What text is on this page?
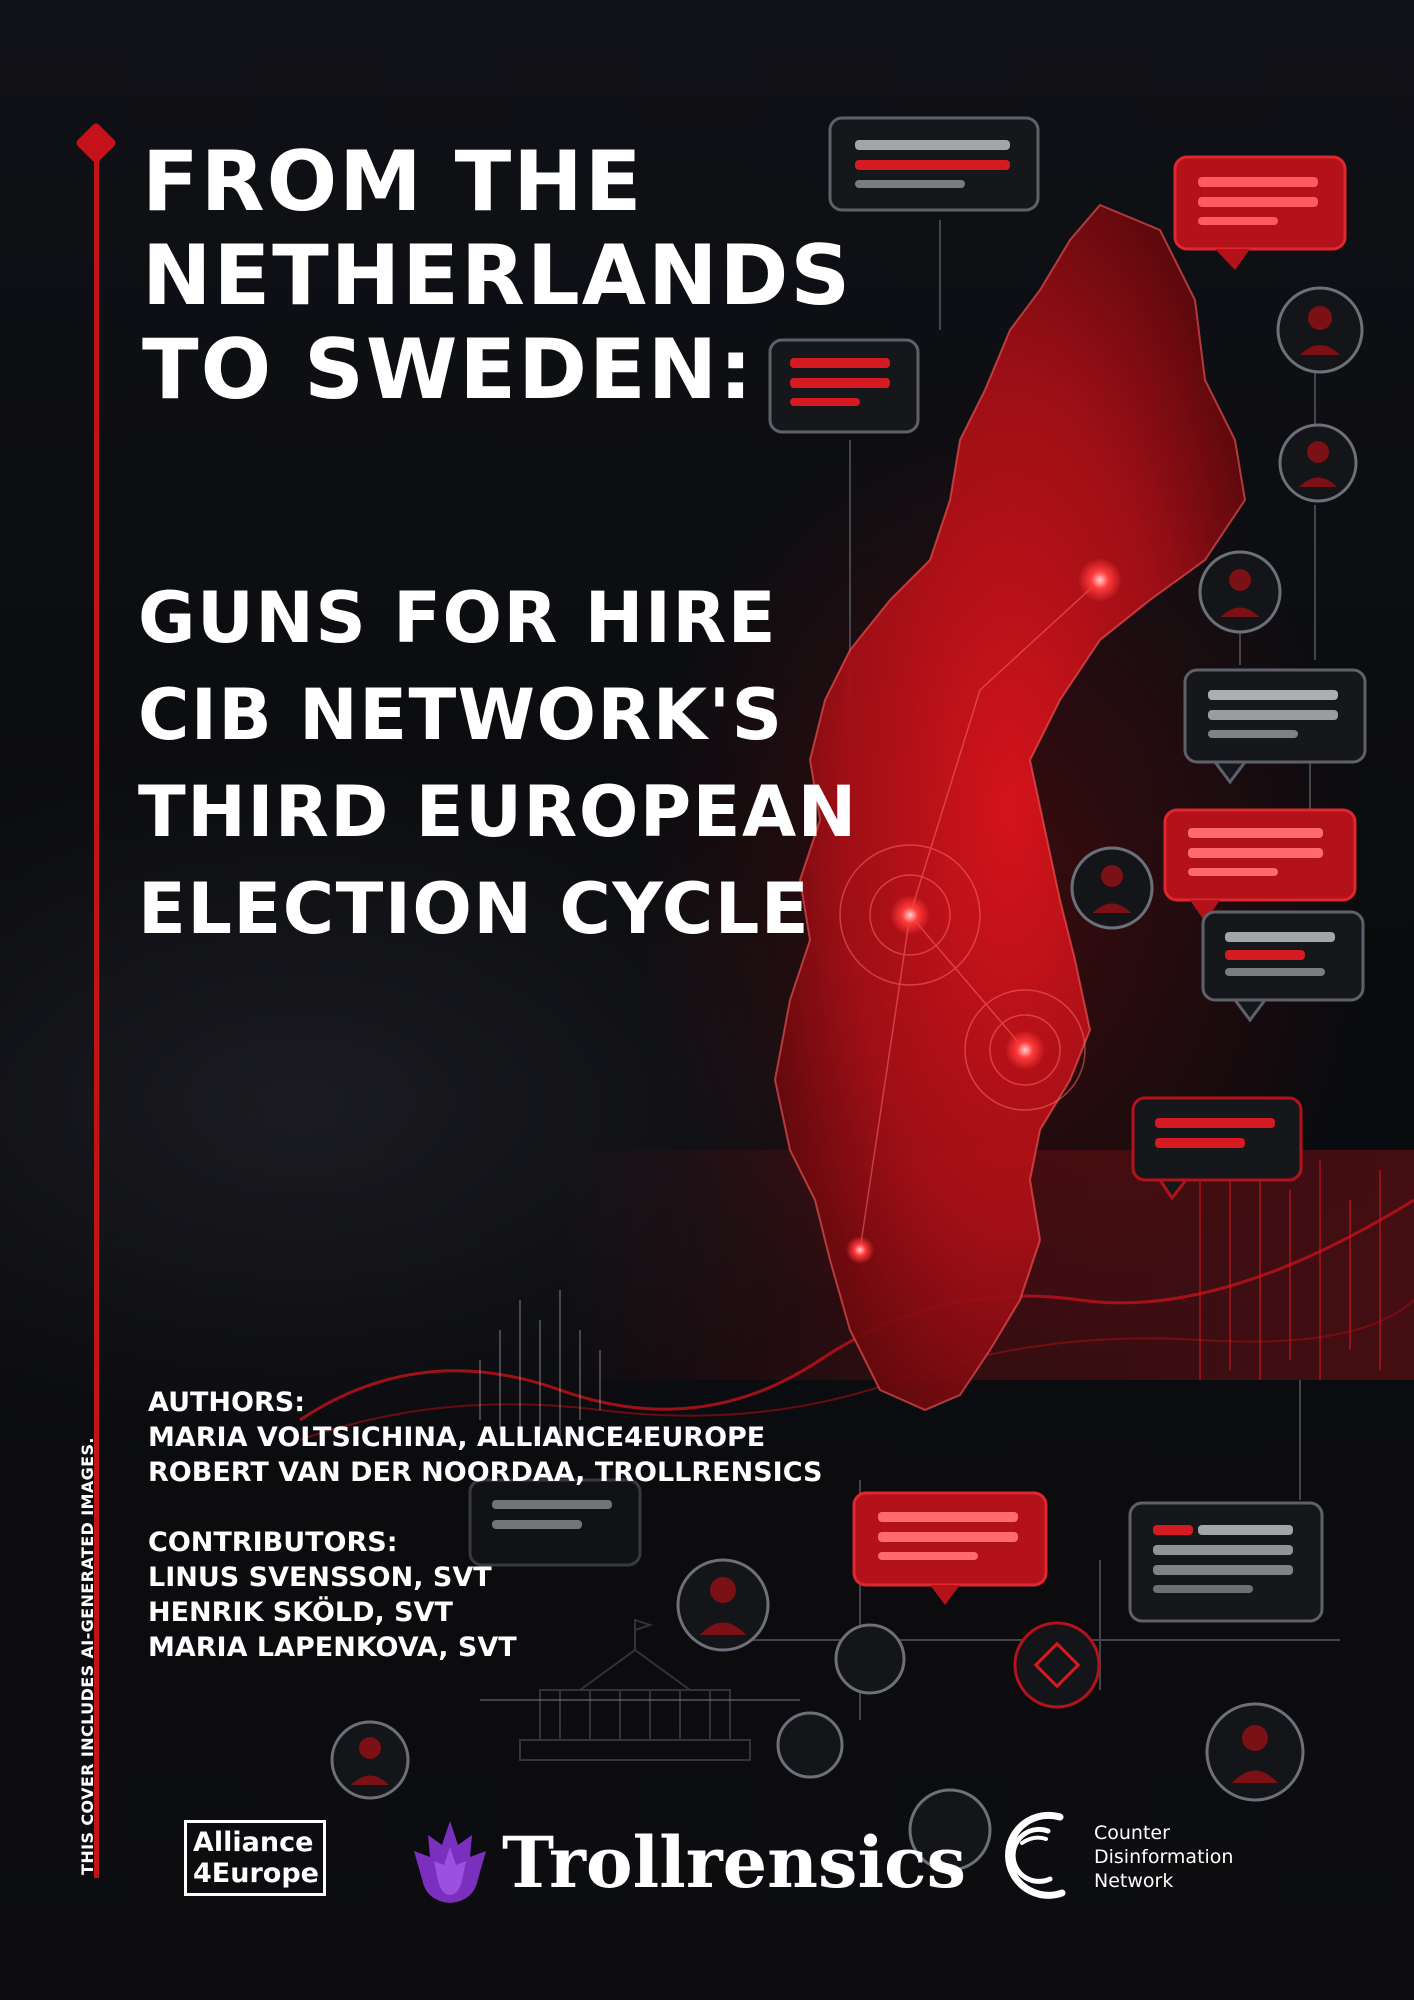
THIS COVER INCLUDES AI-GENERATED IMAGES.
FROM THE
NETHERLANDS
TO SWEDEN:
GUNS FOR HIRE
CIB NETWORK'S
THIRD EUROPEAN
ELECTION CYCLE
AUTHORS:
MARIA VOLTSICHINA, ALLIANCE4EUROPE
ROBERT VAN DER NOORDAA, TROLLRENSICS
CONTRIBUTORS:
LINUS SVENSSON, SVT
HENRIK SKÖLD, SVT
MARIA LAPENKOVA, SVT
Alliance
4Europe	Trollrensics	Counter
Disinformation
Network
